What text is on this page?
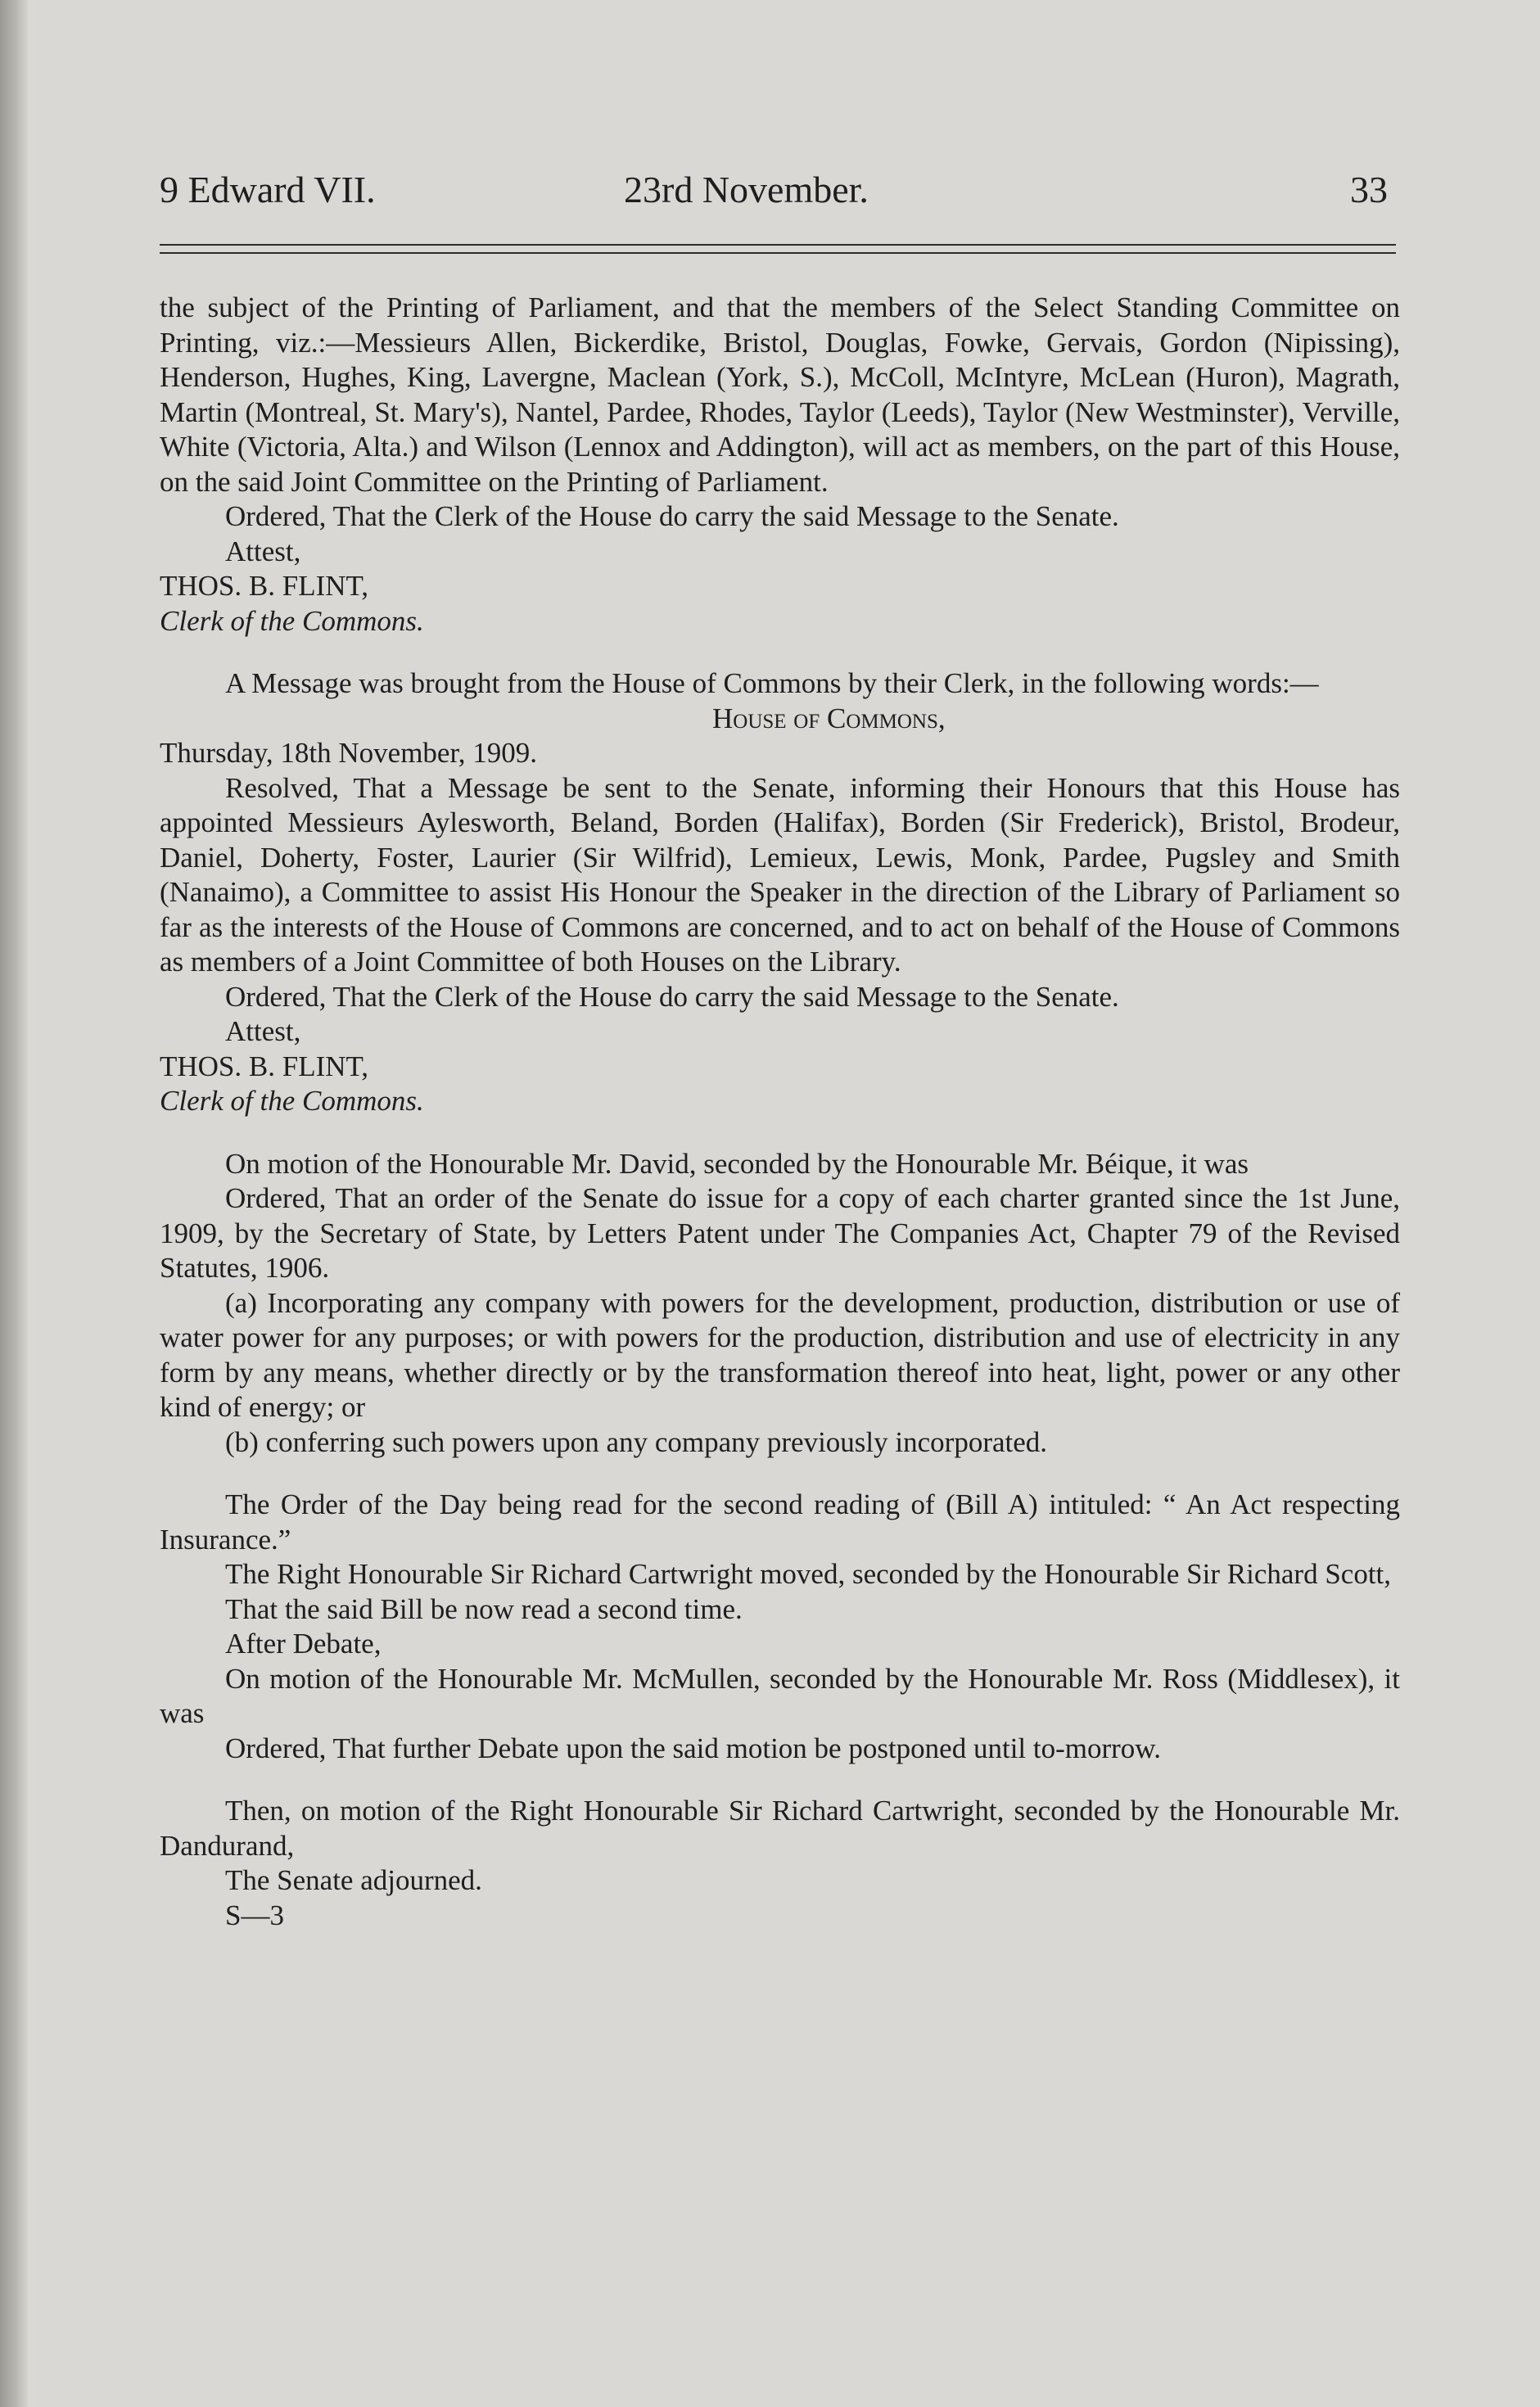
9 Edward VII.	23rd November.	33

the subject of the Printing of Parliament, and that the members of the Select Standing Committee on Printing, viz.:—Messieurs Allen, Bickerdike, Bristol, Douglas, Fowke, Gervais, Gordon (Nipissing), Henderson, Hughes, King, Lavergne, Maclean (York, S.), McColl, McIntyre, McLean (Huron), Magrath, Martin (Montreal, St. Mary's), Nantel, Pardee, Rhodes, Taylor (Leeds), Taylor (New Westminster), Verville, White (Victoria, Alta.) and Wilson (Lennox and Addington), will act as members, on the part of this House, on the said Joint Committee on the Printing of Parliament.

Ordered, That the Clerk of the House do carry the said Message to the Senate.

Attest,

THOS. B. FLINT,

Clerk of the Commons.

A Message was brought from the House of Commons by their Clerk, in the following words:—

House of Commons,

Thursday, 18th November, 1909.

Resolved, That a Message be sent to the Senate, informing their Honours that this House has appointed Messieurs Aylesworth, Beland, Borden (Halifax), Borden (Sir Frederick), Bristol, Brodeur, Daniel, Doherty, Foster, Laurier (Sir Wilfrid), Lemieux, Lewis, Monk, Pardee, Pugsley and Smith (Nanaimo), a Committee to assist His Honour the Speaker in the direction of the Library of Parliament so far as the interests of the House of Commons are concerned, and to act on behalf of the House of Commons as members of a Joint Committee of both Houses on the Library.

Ordered, That the Clerk of the House do carry the said Message to the Senate.

Attest,

THOS. B. FLINT,

Clerk of the Commons.

On motion of the Honourable Mr. David, seconded by the Honourable Mr. Béique, it was

Ordered, That an order of the Senate do issue for a copy of each charter granted since the 1st June, 1909, by the Secretary of State, by Letters Patent under The Companies Act, Chapter 79 of the Revised Statutes, 1906.

(a) Incorporating any company with powers for the development, production, distribution or use of water power for any purposes; or with powers for the production, distribution and use of electricity in any form by any means, whether directly or by the transformation thereof into heat, light, power or any other kind of energy; or

(b) conferring such powers upon any company previously incorporated.

The Order of the Day being read for the second reading of (Bill A) intituled: “ An Act respecting Insurance.”

The Right Honourable Sir Richard Cartwright moved, seconded by the Honourable Sir Richard Scott,

That the said Bill be now read a second time.

After Debate,

On motion of the Honourable Mr. McMullen, seconded by the Honourable Mr. Ross (Middlesex), it was

Ordered, That further Debate upon the said motion be postponed until to-morrow.

Then, on motion of the Right Honourable Sir Richard Cartwright, seconded by the Honourable Mr. Dandurand,

The Senate adjourned.

S—3
